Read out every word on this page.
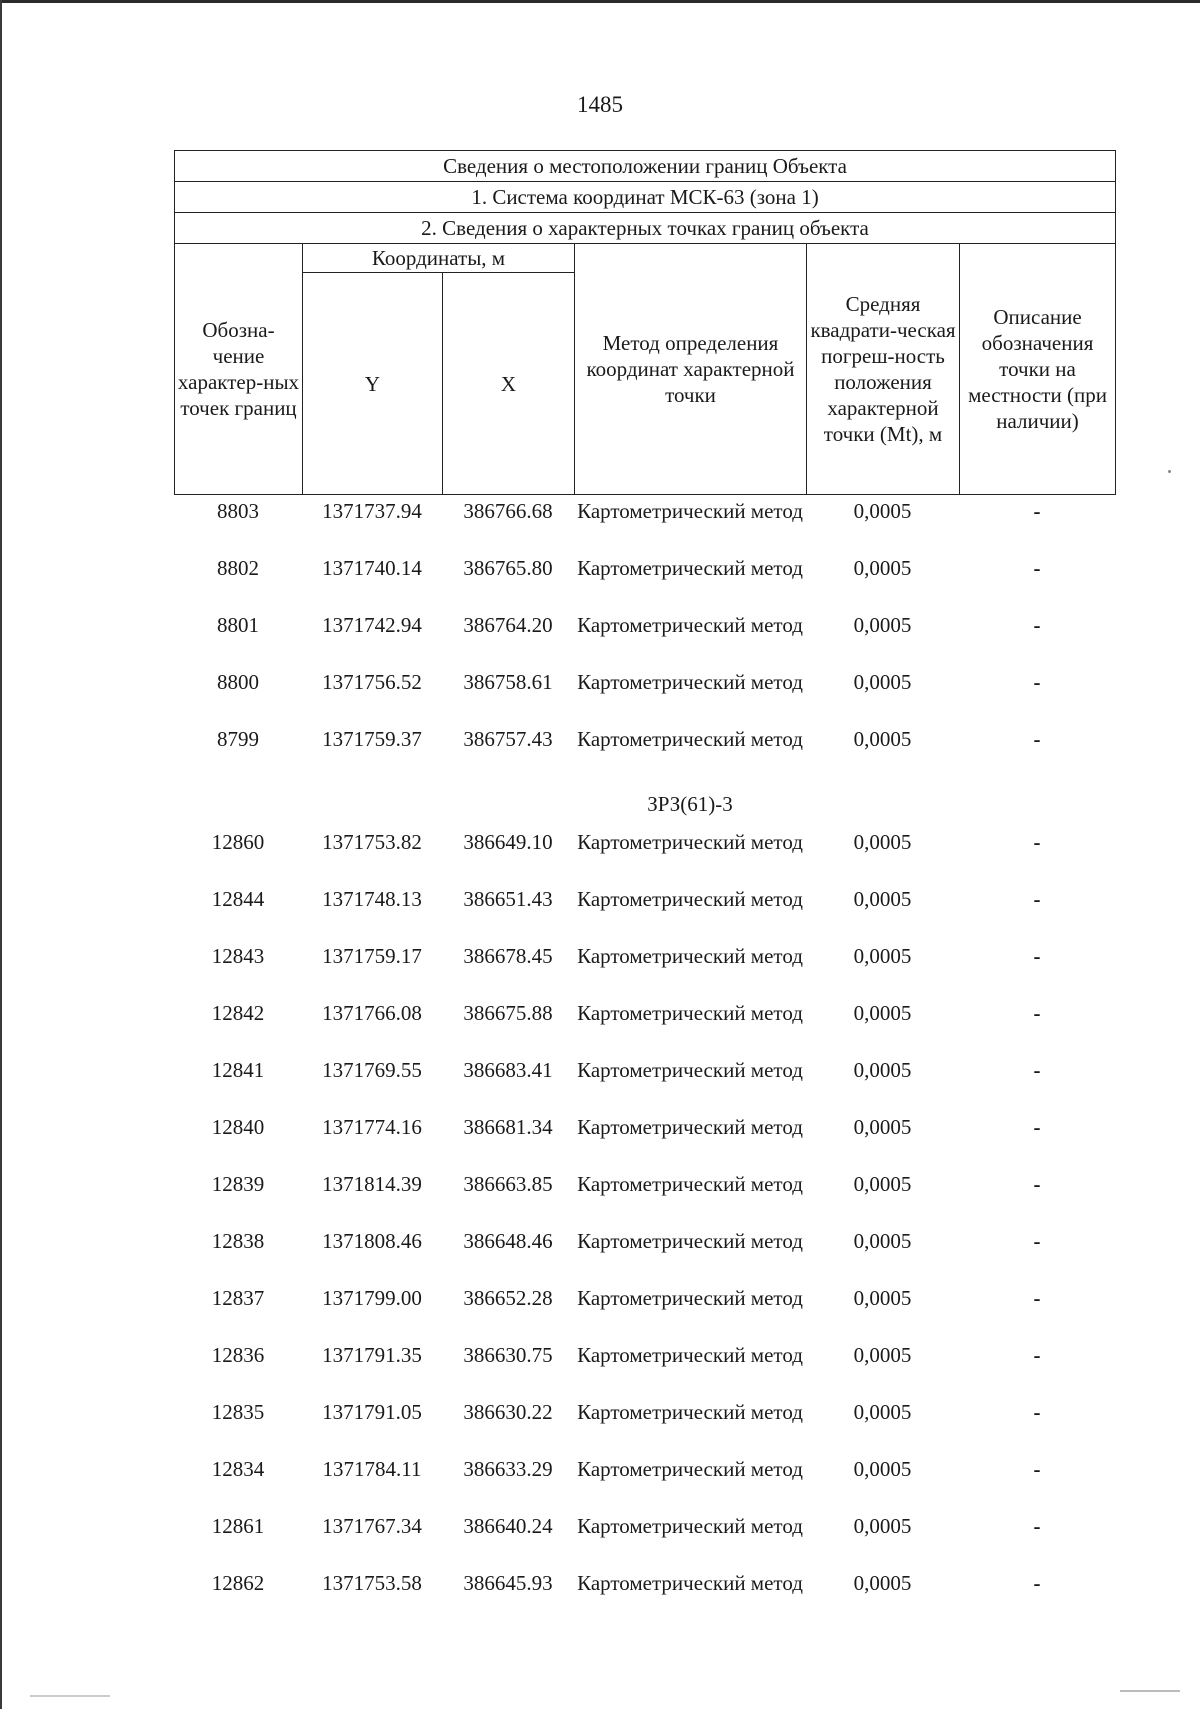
1485
Сведения о местоположении границ Объекта					
1. Система координат МСК-63 (зона 1)					
2. Сведения о характерных точках границ объекта					
Обозна-чение характер-ных точек границ	Координаты, м		Метод определения координат характерной точки	Средняя квадрати-ческая погреш-ность положения характерной точки (Mt), м	Описание обозначения точки на местности (при наличии)
	Y	X			
8803	1371737.94	386766.68	Картометрический метод	0,0005	-
8802	1371740.14	386765.80	Картометрический метод	0,0005	-
8801	1371742.94	386764.20	Картометрический метод	0,0005	-
8800	1371756.52	386758.61	Картометрический метод	0,0005	-
8799	1371759.37	386757.43	Картометрический метод	0,0005	-
ЗРЗ(61)-3
12860	1371753.82	386649.10	Картометрический метод	0,0005	-
12844	1371748.13	386651.43	Картометрический метод	0,0005	-
12843	1371759.17	386678.45	Картометрический метод	0,0005	-
12842	1371766.08	386675.88	Картометрический метод	0,0005	-
12841	1371769.55	386683.41	Картометрический метод	0,0005	-
12840	1371774.16	386681.34	Картометрический метод	0,0005	-
12839	1371814.39	386663.85	Картометрический метод	0,0005	-
12838	1371808.46	386648.46	Картометрический метод	0,0005	-
12837	1371799.00	386652.28	Картометрический метод	0,0005	-
12836	1371791.35	386630.75	Картометрический метод	0,0005	-
12835	1371791.05	386630.22	Картометрический метод	0,0005	-
12834	1371784.11	386633.29	Картометрический метод	0,0005	-
12861	1371767.34	386640.24	Картометрический метод	0,0005	-
12862	1371753.58	386645.93	Картометрический метод	0,0005	-
